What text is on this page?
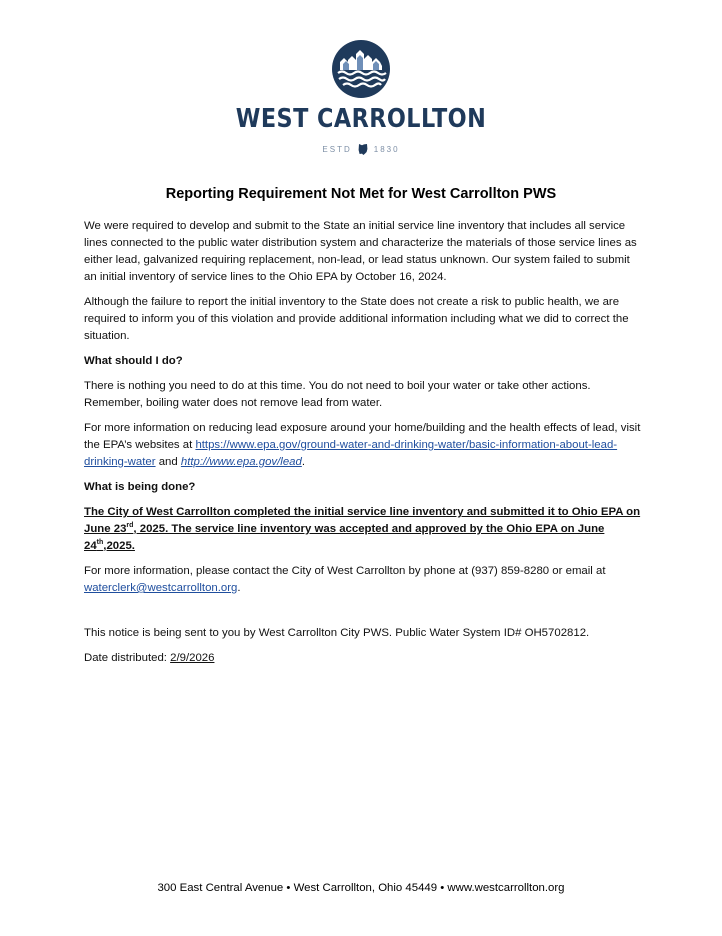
WEST CARROLLTON
ESTD	1830
Reporting Requirement Not Met for West Carrollton PWS

We were required to develop and submit to the State an initial service line inventory that includes all service lines connected to the public water distribution system and characterize the materials of those service lines as either lead, galvanized requiring replacement, non-lead, or lead status unknown. Our system failed to submit an initial inventory of service lines to the Ohio EPA by October 16, 2024.

Although the failure to report the initial inventory to the State does not create a risk to public health, we are required to inform you of this violation and provide additional information including what we did to correct the situation.

What should I do?

There is nothing you need to do at this time. You do not need to boil your water or take other actions. Remember, boiling water does not remove lead from water.

For more information on reducing lead exposure around your home/building and the health effects of lead, visit the EPA’s websites at https://www.epa.gov/ground-water-and-drinking-water/basic-information-about-lead-drinking-water and http://www.epa.gov/lead.

What is being done?

The City of West Carrollton completed the initial service line inventory and submitted it to Ohio EPA on June 23rd, 2025. The service line inventory was accepted and approved by the Ohio EPA on June 24th,2025.

For more information, please contact the City of West Carrollton by phone at (937) 859-8280 or email at waterclerk@westcarrollton.org.

This notice is being sent to you by West Carrollton City PWS. Public Water System ID# OH5702812.

Date distributed: 2/9/2026

300 East Central Avenue • West Carrollton, Ohio 45449 • www.westcarrollton.org
